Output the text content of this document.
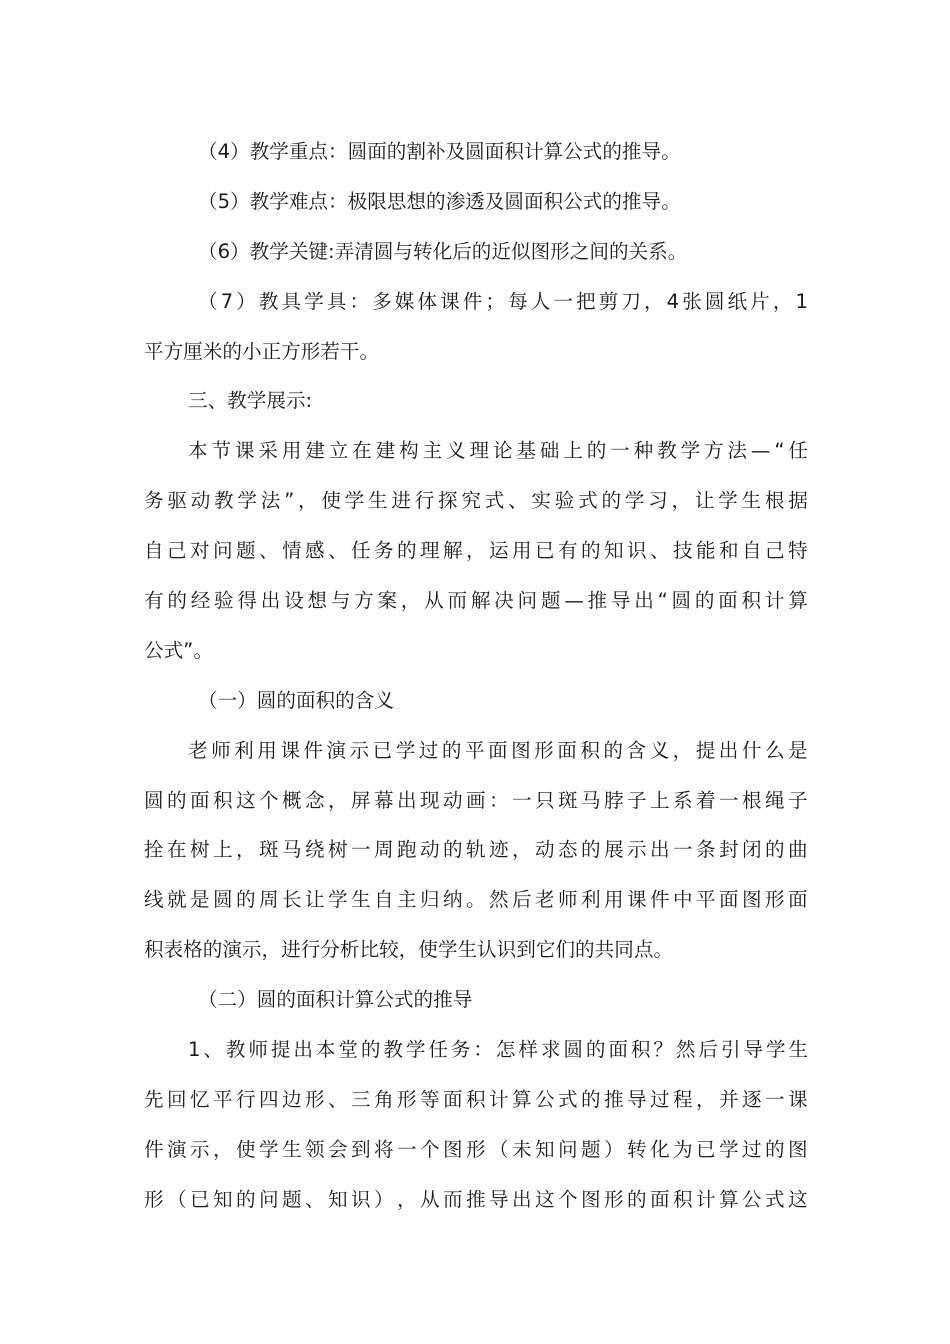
（4）教学重点：圆面的割补及圆面积计算公式的推导。
（5）教学难点：极限思想的渗透及圆面积公式的推导。
（6）教学关键:弄清圆与转化后的近似图形之间的关系。
（ 7 ） 教 具 学 具 ： 多 媒 体 课 件 ； 每 人 一 把 剪 刀 ， 4 张 圆 纸 片 ， 1
平方厘米的小正方形若干。
三、教学展示:
本 节 课 采 用 建 立 在 建 构 主 义 理 论 基 础 上 的 一 种 教 学 方 法 — “ 任
务 驱 动 教 学 法 ” ， 使 学 生 进 行 探 究 式 、 实 验 式 的 学 习 ， 让 学 生 根 据
自 己 对 问 题 、 情 感 、 任 务 的 理 解 ， 运 用 已 有 的 知 识 、 技 能 和 自 己 特
有 的 经 验 得 出 设 想 与 方 案 ， 从 而 解 决 问 题 — 推 导 出 “ 圆 的 面 积 计 算
公式”。
（一）圆的面积的含义
老 师 利 用 课 件 演 示 已 学 过 的 平 面 图 形 面 积 的 含 义 ， 提 出 什 么 是
圆 的 面 积 这 个 概 念 ， 屏 幕 出 现 动 画 ： 一 只 斑 马 脖 子 上 系 着 一 根 绳 子
拴 在 树 上 ， 斑 马 绕 树 一 周 跑 动 的 轨 迹 ， 动 态 的 展 示 出 一 条 封 闭 的 曲
线 就 是 圆 的 周 长 让 学 生 自 主 归 纳 。 然 后 老 师 利 用 课 件 中 平 面 图 形 面
积表格的演示，进行分析比较，使学生认识到它们的共同点。
（二）圆的面积计算公式的推导
1 、 教 师 提 出 本 堂 的 教 学 任 务 ： 怎 样 求 圆 的 面 积 ？ 然 后 引 导 学 生
先 回 忆 平 行 四 边 形 、 三 角 形 等 面 积 计 算 公 式 的 推 导 过 程 ， 并 逐 一 课
件 演 示 ， 使 学 生 领 会 到 将 一 个 图 形 （ 未 知 问 题 ） 转 化 为 已 学 过 的 图
形 （ 已 知 的 问 题 、 知 识 ） ， 从 而 推 导 出 这 个 图 形 的 面 积 计 算 公 式 这
